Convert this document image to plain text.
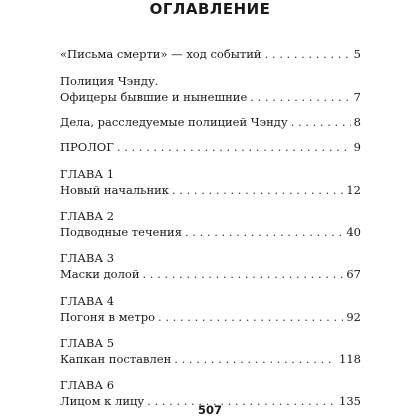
ОГЛАВЛЕНИЕ
«Письма смерти» — ход событий . . .	5
Полиция Чэнду.
Офицеры бывшие и нынешние . . .	7
Дела, расследуемые полицией Чэнду . . .	8
ПРОЛОГ . . .	9
ГЛАВА 1
Новый начальник . . .	12
ГЛАВА 2
Подводные течения . . .	40
ГЛАВА 3
Маски долой . . .	67
ГЛАВА 4
Погоня в метро . . .	92
ГЛАВА 5
Капкан поставлен . . .	118
ГЛАВА 6
Лицом к лицу . . .	135
507
